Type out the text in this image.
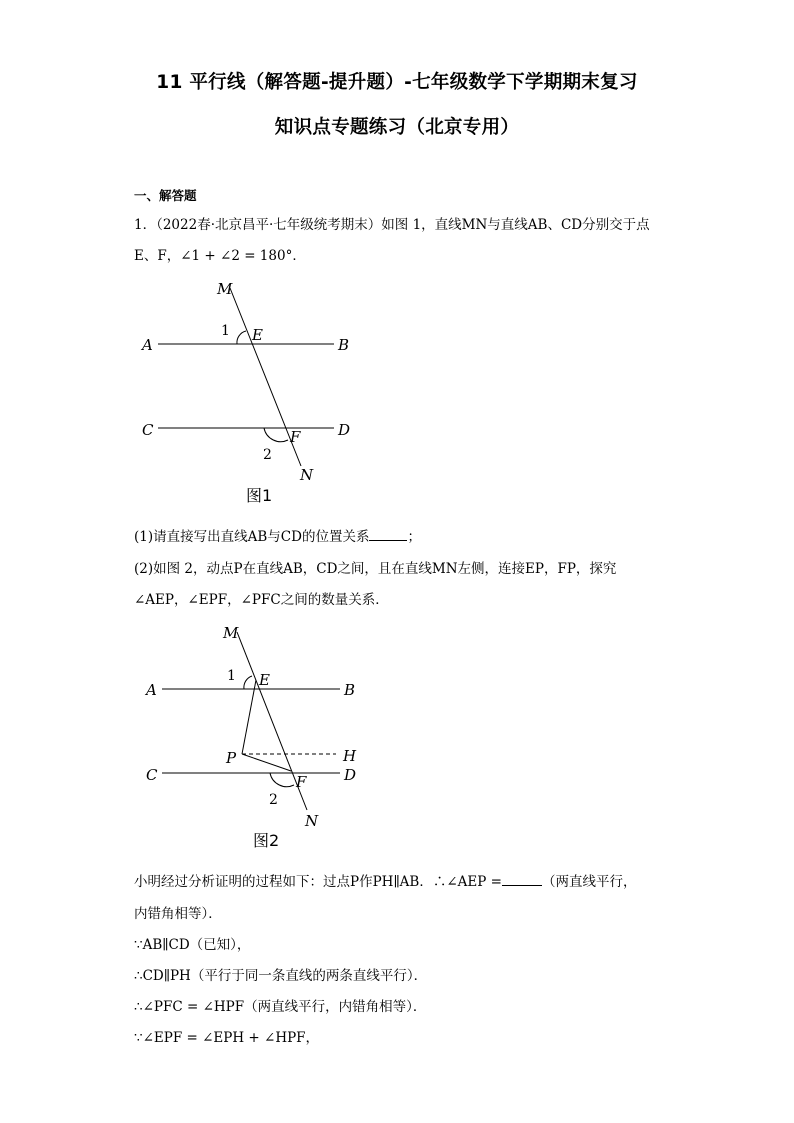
11 平行线（解答题-提升题）-七年级数学下学期期末复习
知识点专题练习（北京专用）
一、解答题
1．（2022春·北京昌平·七年级统考期末）如图 1，直线MN与直线AB、CD分别交于点
E、F，∠1 + ∠2 = 180°．
M
A	B
1 E
C	D
F
2
N
图1
(1)请直接写出直线AB与CD的位置关系	；
(2)如图 2，动点P在直线AB，CD之间，且在直线MN左侧，连接EP，FP，探究
∠AEP，∠EPF，∠PFC之间的数量关系．
M
A	B
1 E
P	H
C	D
F
2
N
图2
小明经过分析证明的过程如下：过点P作PH∥AB．∴∠AEP =	（两直线平行，
内错角相等）．
∵AB∥CD（已知），
∴CD∥PH（平行于同一条直线的两条直线平行）．
∴∠PFC = ∠HPF（两直线平行，内错角相等）．
∵∠EPF = ∠EPH + ∠HPF，
